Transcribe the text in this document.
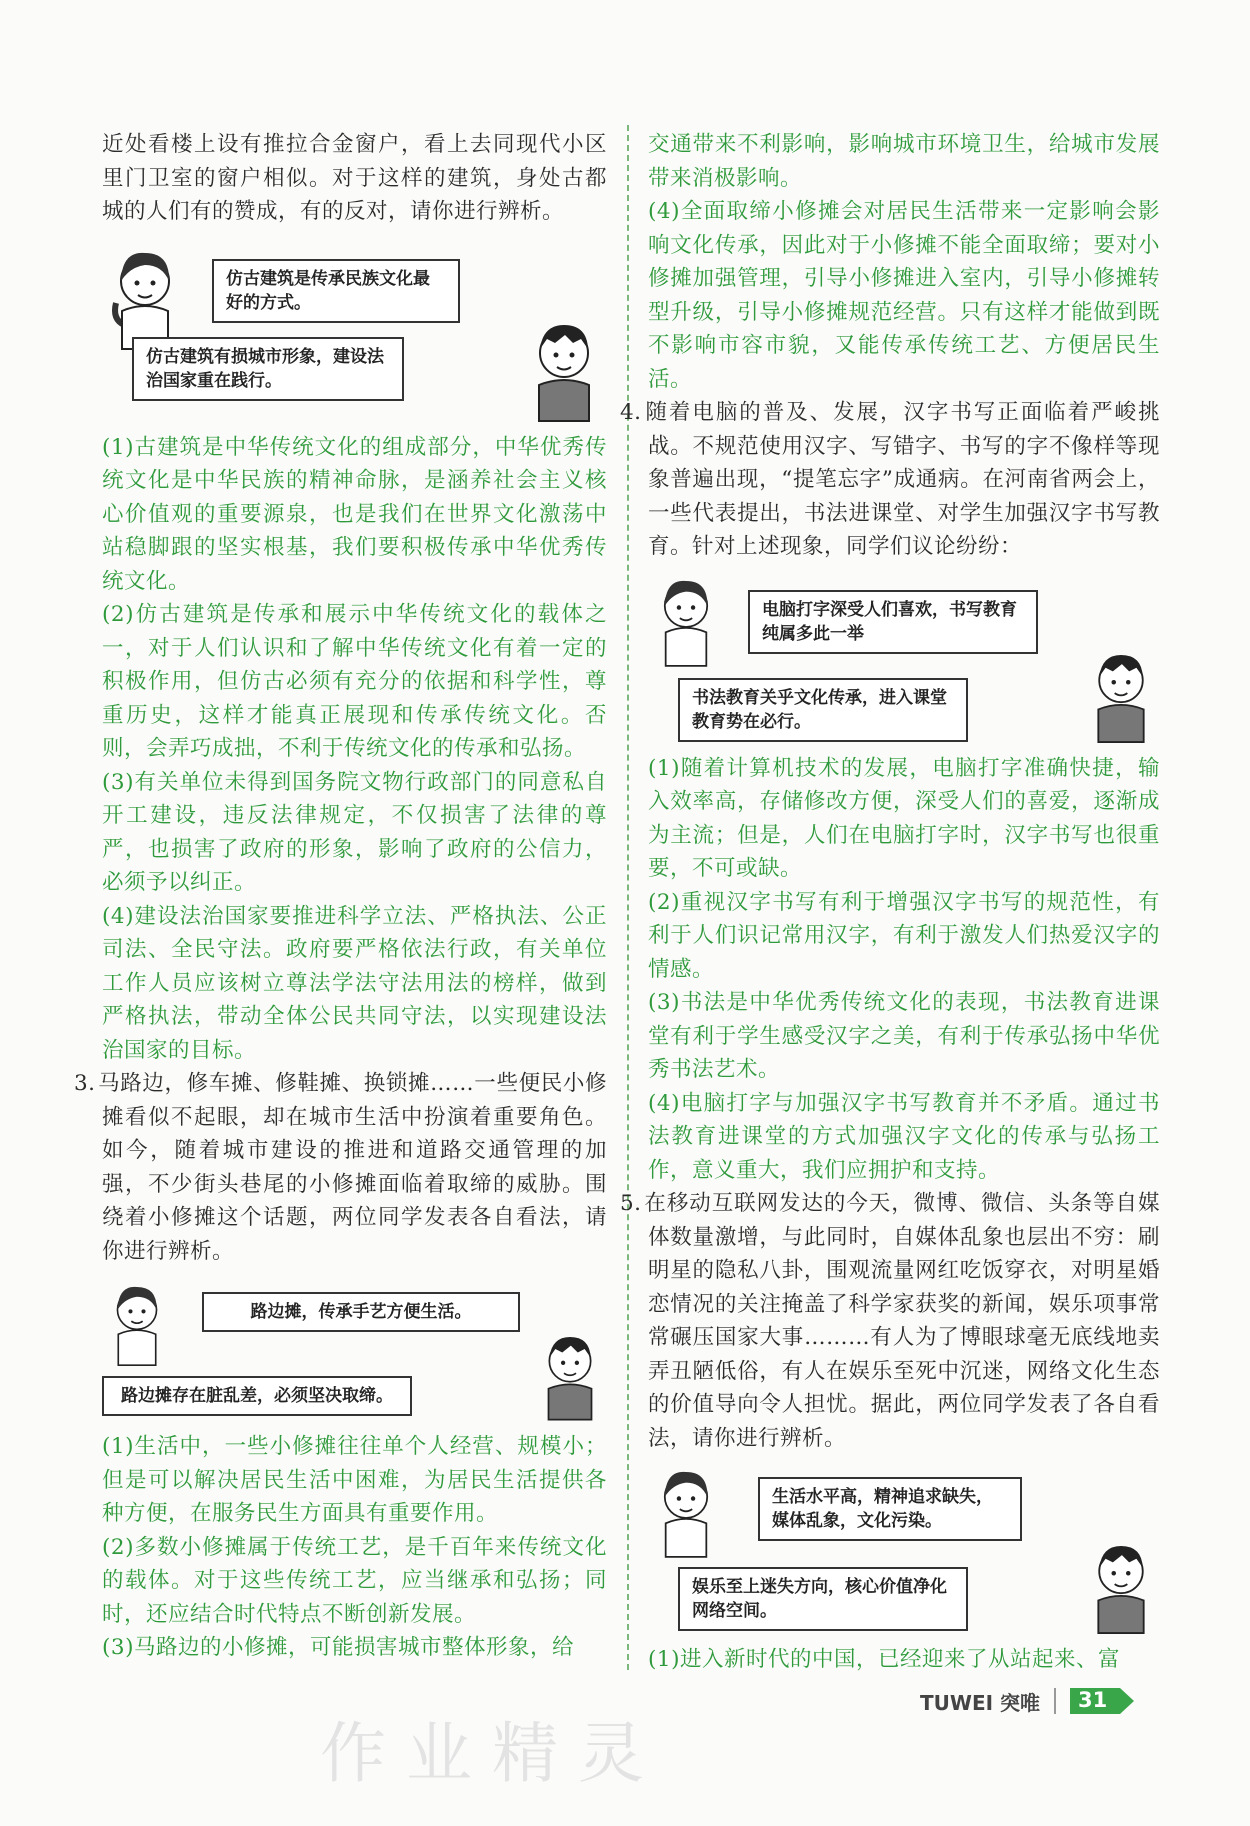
近处看楼上设有推拉合金窗户，看上去同现代小区里门卫室的窗户相似。对于这样的建筑，身处古都城的人们有的赞成，有的反对，请你进行辨析。

仿古建筑是传承民族文化最好的方式。
仿古建筑有损城市形象，建设法治国家重在践行。

(1)古建筑是中华传统文化的组成部分，中华优秀传统文化是中华民族的精神命脉，是涵养社会主义核心价值观的重要源泉，也是我们在世界文化激荡中站稳脚跟的坚实根基，我们要积极传承中华优秀传统文化。

(2)仿古建筑是传承和展示中华传统文化的载体之一，对于人们认识和了解中华传统文化有着一定的积极作用，但仿古必须有充分的依据和科学性，尊重历史，这样才能真正展现和传承传统文化。否则，会弄巧成拙，不利于传统文化的传承和弘扬。

(3)有关单位未得到国务院文物行政部门的同意私自开工建设，违反法律规定，不仅损害了法律的尊严，也损害了政府的形象，影响了政府的公信力，必须予以纠正。

(4)建设法治国家要推进科学立法、严格执法、公正司法、全民守法。政府要严格依法行政，有关单位工作人员应该树立尊法学法守法用法的榜样，做到严格执法，带动全体公民共同守法，以实现建设法治国家的目标。

3. 马路边，修车摊、修鞋摊、换锁摊……一些便民小修摊看似不起眼，却在城市生活中扮演着重要角色。如今，随着城市建设的推进和道路交通管理的加强，不少街头巷尾的小修摊面临着取缔的威胁。围绕着小修摊这个话题，两位同学发表各自看法，请你进行辨析。

路边摊，传承手艺方便生活。
路边摊存在脏乱差，必须坚决取缔。

(1)生活中，一些小修摊往往单个人经营、规模小；但是可以解决居民生活中困难，为居民生活提供各种方便，在服务民生方面具有重要作用。

(2)多数小修摊属于传统工艺，是千百年来传统文化的载体。对于这些传统工艺，应当继承和弘扬；同时，还应结合时代特点不断创新发展。

(3)马路边的小修摊，可能损害城市整体形象，给

交通带来不利影响，影响城市环境卫生，给城市发展带来消极影响。

(4)全面取缔小修摊会对居民生活带来一定影响会影响文化传承，因此对于小修摊不能全面取缔；要对小修摊加强管理，引导小修摊进入室内，引导小修摊转型升级，引导小修摊规范经营。只有这样才能做到既不影响市容市貌，又能传承传统工艺、方便居民生活。

4. 随着电脑的普及、发展，汉字书写正面临着严峻挑战。不规范使用汉字、写错字、书写的字不像样等现象普遍出现，“提笔忘字”成通病。在河南省两会上，一些代表提出，书法进课堂、对学生加强汉字书写教育。针对上述现象，同学们议论纷纷：

电脑打字深受人们喜欢，书写教育纯属多此一举
书法教育关乎文化传承，进入课堂教育势在必行。

(1)随着计算机技术的发展，电脑打字准确快捷，输入效率高，存储修改方便，深受人们的喜爱，逐渐成为主流；但是，人们在电脑打字时，汉字书写也很重要，不可或缺。

(2)重视汉字书写有利于增强汉字书写的规范性，有利于人们识记常用汉字，有利于激发人们热爱汉字的情感。

(3)书法是中华优秀传统文化的表现，书法教育进课堂有利于学生感受汉字之美，有利于传承弘扬中华优秀书法艺术。

(4)电脑打字与加强汉字书写教育并不矛盾。通过书法教育进课堂的方式加强汉字文化的传承与弘扬工作，意义重大，我们应拥护和支持。

5. 在移动互联网发达的今天，微博、微信、头条等自媒体数量激增，与此同时，自媒体乱象也层出不穷：刷明星的隐私八卦，围观流量网红吃饭穿衣，对明星婚恋情况的关注掩盖了科学家获奖的新闻，娱乐项事常常碾压国家大事………有人为了博眼球毫无底线地卖弄丑陋低俗，有人在娱乐至死中沉迷，网络文化生态的价值导向令人担忧。据此，两位同学发表了各自看法，请你进行辨析。

生活水平高，精神追求缺失，媒体乱象，文化污染。
娱乐至上迷失方向，核心价值净化网络空间。

(1)进入新时代的中国，已经迎来了从站起来、富

TUWEI 突唯 31
作业精灵
